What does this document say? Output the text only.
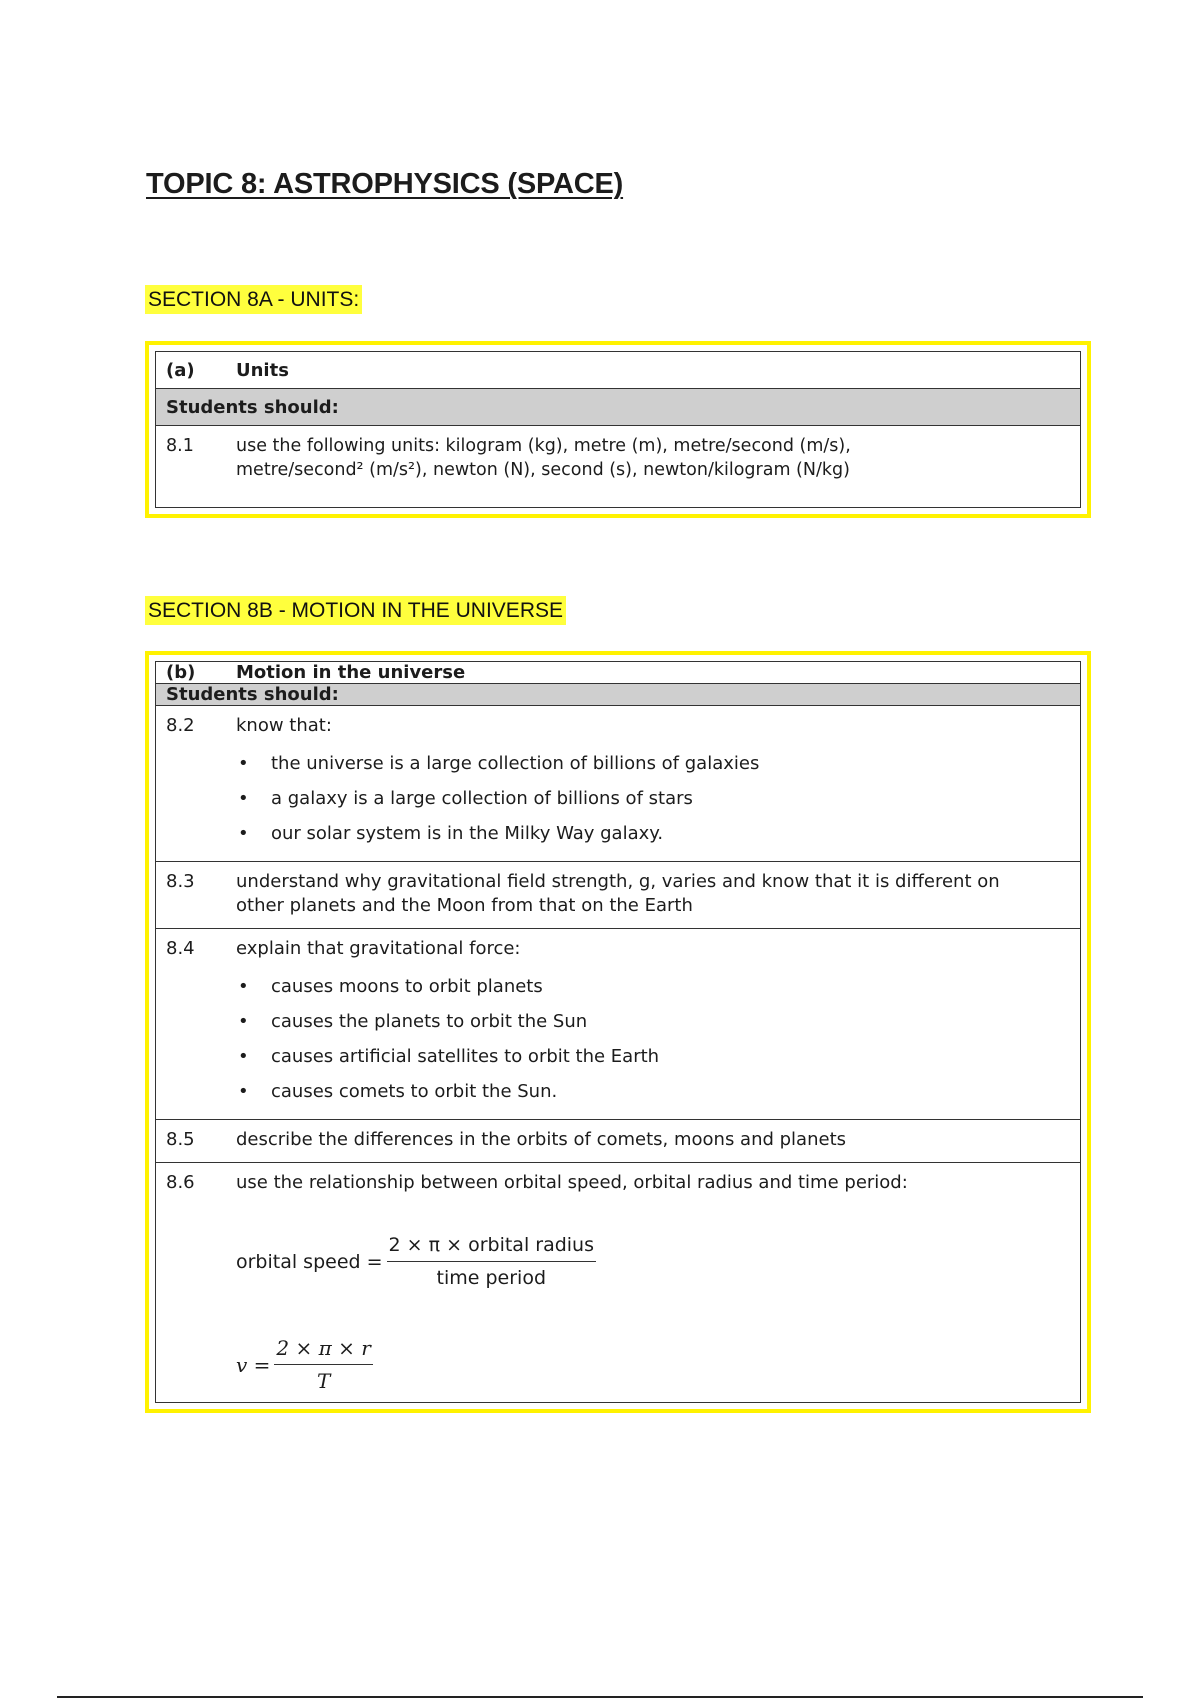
TOPIC 8: ASTROPHYSICS (SPACE)
SECTION 8A - UNITS:
(a)	Units
Students should:
8.1	use the following units: kilogram (kg), metre (m), metre/second (m/s),
metre/second² (m/s²), newton (N), second (s), newton/kilogram (N/kg)
SECTION 8B - MOTION IN THE UNIVERSE
(b)	Motion in the universe
Students should:
8.2	know that:
• the universe is a large collection of billions of galaxies
• a galaxy is a large collection of billions of stars
• our solar system is in the Milky Way galaxy.
8.3	understand why gravitational field strength, g, varies and know that it is different on
other planets and the Moon from that on the Earth
8.4	explain that gravitational force:
• causes moons to orbit planets
• causes the planets to orbit the Sun
• causes artificial satellites to orbit the Earth
• causes comets to orbit the Sun.
8.5	describe the differences in the orbits of comets, moons and planets
8.6	use the relationship between orbital speed, orbital radius and time period:
orbital speed = $\frac{\text{2 × π × orbital radius}}{\text{time period}}$
$v = \frac{2 \times \pi \times r}{T}$
